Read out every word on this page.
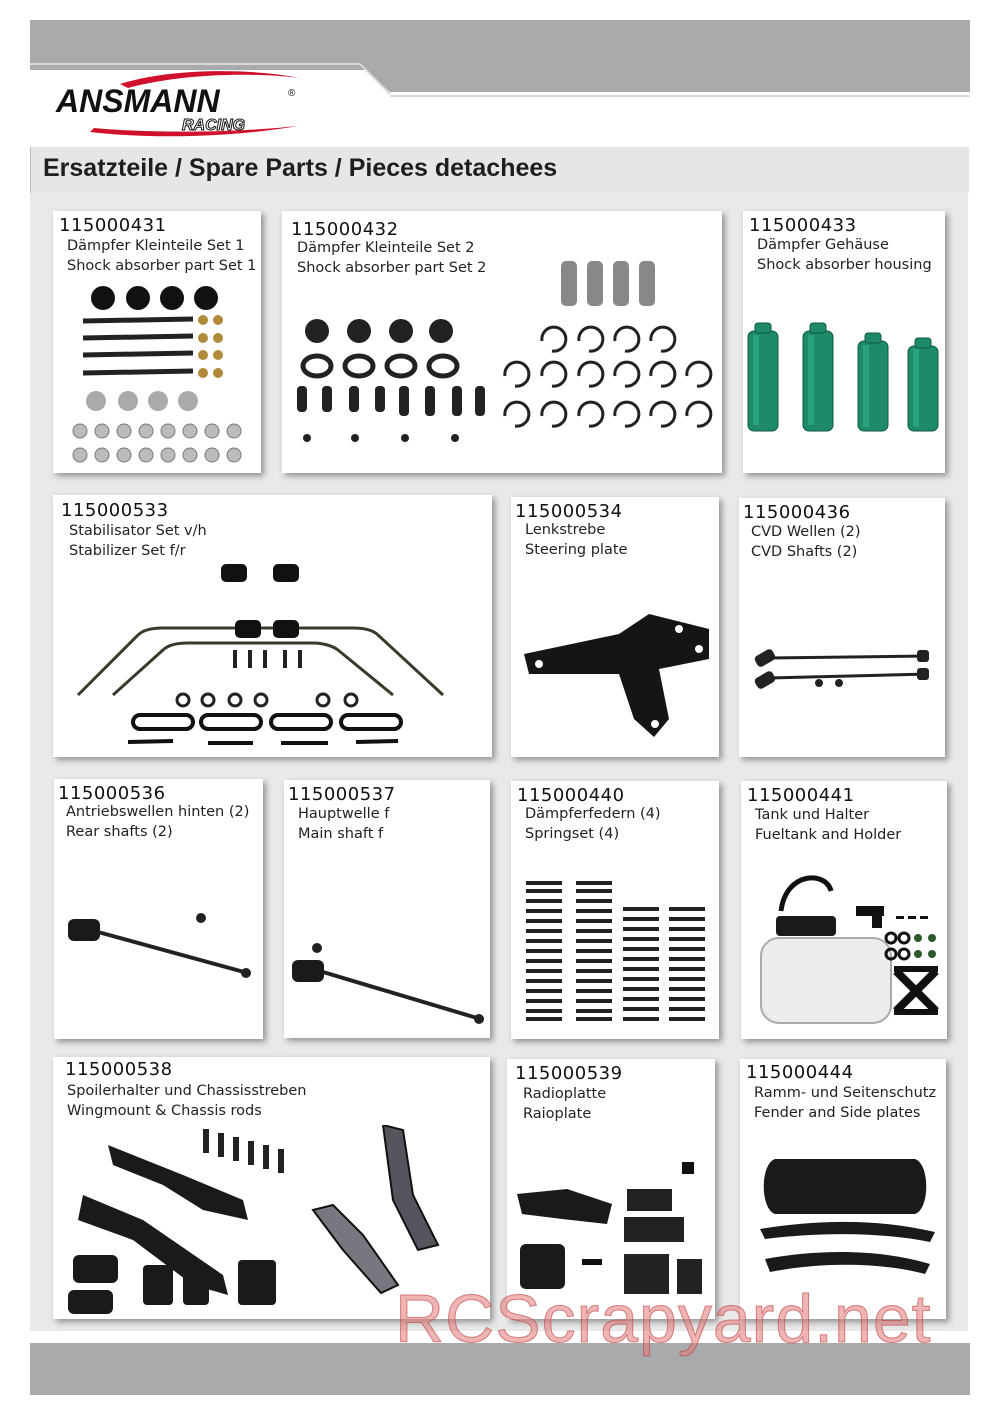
ANSMANN	®
RACING
Ersatzteile / Spare Parts / Pieces detachees
115000431
Dämpfer Kleinteile Set 1
Shock absorber part Set 1
115000432
Dämpfer Kleinteile Set 2
Shock absorber part Set 2
115000433
Dämpfer Gehäuse
Shock absorber housing
115000533
Stabilisator Set v/h
Stabilizer Set f/r
115000534
Lenkstrebe
Steering plate
115000436
CVD Wellen (2)
CVD Shafts (2)
115000536
Antriebswellen hinten (2)
Rear shafts (2)
115000537
Hauptwelle f
Main shaft f
115000440
Dämpferfedern (4)
Springset (4)
115000441
Tank und Halter
Fueltank and Holder
115000538
Spoilerhalter und Chassisstreben
Wingmount & Chassis rods
115000539
Radioplatte
Raioplate
115000444
Ramm- und Seitenschutz
Fender and Side plates
RCScrapyard.net
